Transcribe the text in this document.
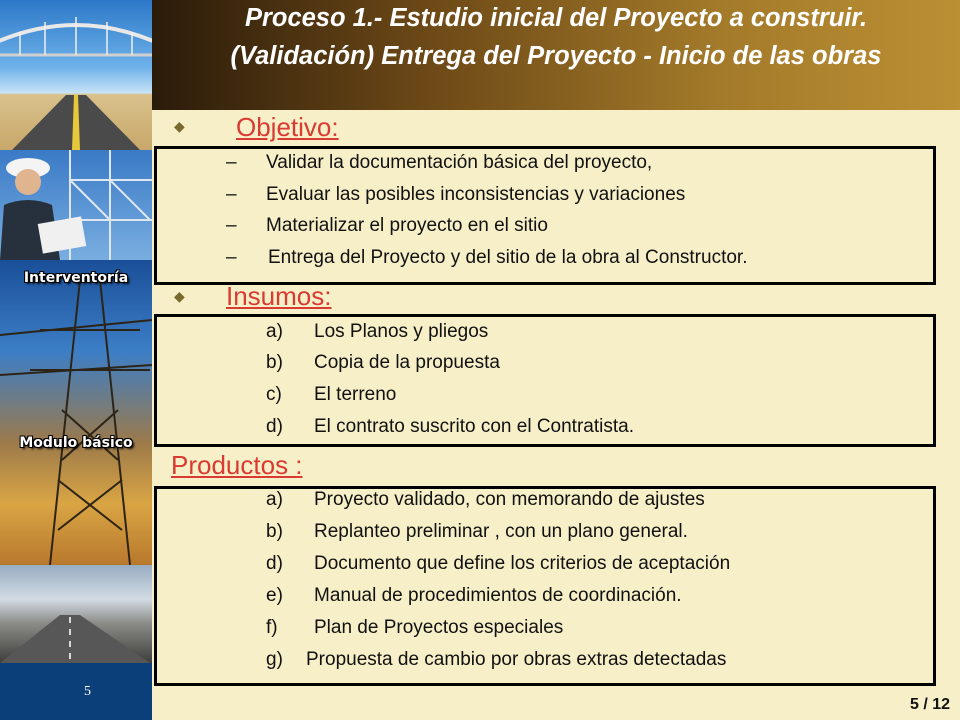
Interventoría
Modulo básico
5
Proceso 1.- Estudio inicial del Proyecto a construir.
(Validación) Entrega del Proyecto - Inicio de las obras
◆ Objetivo:
– Validar la documentación básica del proyecto,
– Evaluar las posibles inconsistencias y variaciones
– Materializar el proyecto en el sitio
– Entrega del Proyecto y del sitio de la obra al Constructor.
◆ Insumos:
a) Los Planos y pliegos
b) Copia de la propuesta
c) El terreno
d) El contrato suscrito con el Contratista.
Productos :
a) Proyecto validado, con memorando de ajustes
b) Replanteo preliminar , con un plano general.
d) Documento que define los criterios de aceptación
e) Manual de procedimientos de coordinación.
f) Plan de Proyectos especiales
g) Propuesta de cambio por obras extras detectadas
5 / 12
